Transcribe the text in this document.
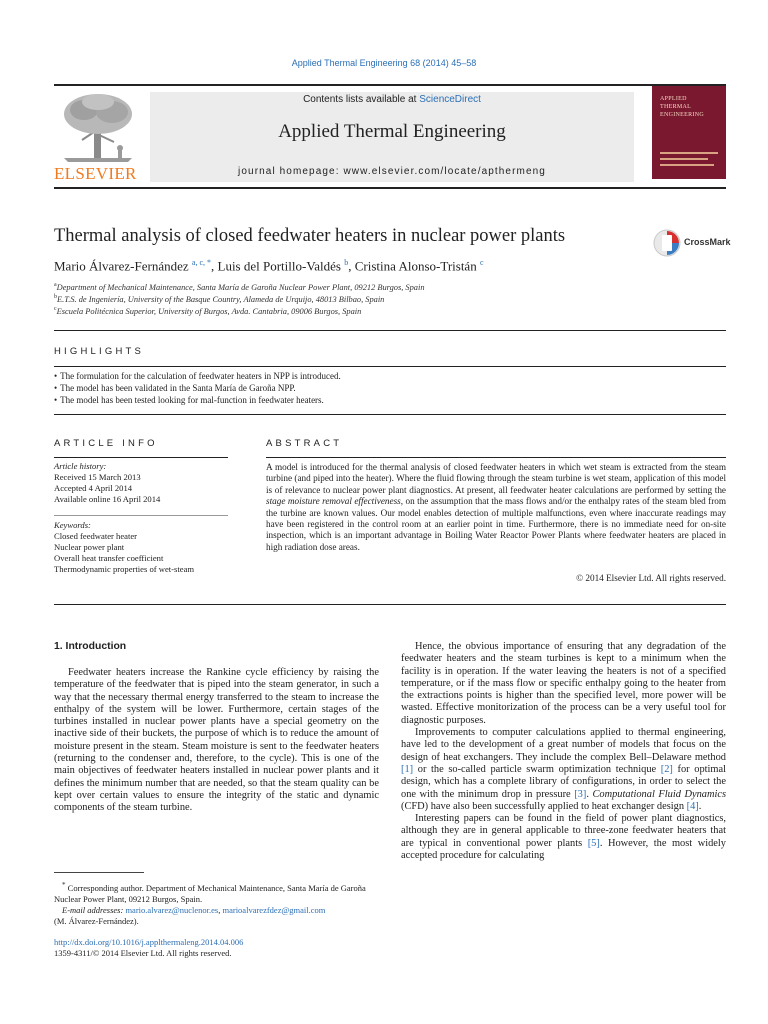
Applied Thermal Engineering 68 (2014) 45–58
ELSEVIER
Contents lists available at ScienceDirect
Applied Thermal Engineering
journal homepage: www.elsevier.com/locate/apthermeng
APPLIED
THERMAL
ENGINEERING
Thermal analysis of closed feedwater heaters in nuclear power plants	CrossMark
Mario Álvarez-Fernández $^{a, c, *}$, Luis del Portillo-Valdés $^b$, Cristina Alonso-Tristán $^c$
$^a$Department of Mechanical Maintenance, Santa María de Garoña Nuclear Power Plant, 09212 Burgos, Spain
$^b$E.T.S. de Ingeniería, University of the Basque Country, Alameda de Urquijo, 48013 Bilbao, Spain
$^c$Escuela Politécnica Superior, University of Burgos, Avda. Cantabria, 09006 Burgos, Spain
HIGHLIGHTS
• The formulation for the calculation of feedwater heaters in NPP is introduced.
• The model has been validated in the Santa María de Garoña NPP.
• The model has been tested looking for mal-function in feedwater heaters.
ARTICLE INFO
Article history:
Received 15 March 2013
Accepted 4 April 2014
Available online 16 April 2014
Keywords:
Closed feedwater heater
Nuclear power plant
Overall heat transfer coefficient
Thermodynamic properties of wet-steam
ABSTRACT
A model is introduced for the thermal analysis of closed feedwater heaters in which wet steam is extracted from the steam turbine (and piped into the heater). Where the fluid flowing through the steam turbine is wet steam, application of this model is of relevance to nuclear power plant diagnostics. At present, all feedwater heater calculations are performed by setting the stage moisture removal effectiveness, on the assumption that the mass flows and/or the enthalpy rates of the steam bled from the turbine are known values. Our model enables detection of multiple malfunctions, even where inaccurate readings may have been registered in the control room at an earlier point in time. Furthermore, there is no immediate need for on-site inspection, which is an important advantage in Boiling Water Reactor Power Plants where feedwater heaters are placed in high radiation dose areas.
© 2014 Elsevier Ltd. All rights reserved.
1. Introduction

Feedwater heaters increase the Rankine cycle efficiency by raising the temperature of the feedwater that is piped into the steam generator, in such a way that the necessary thermal energy transferred to the steam to increase the enthalpy of the system will be lower. Furthermore, certain stages of the turbines installed in nuclear power plants have a special geometry on the inactive side of their buckets, the purpose of which is to reduce the amount of moisture present in the steam. Steam moisture is sent to the feedwater heaters (returning to the condenser and, therefore, to the cycle). This is one of the main objectives of feedwater heaters installed in nuclear power plants and it defines the minimum number that are needed, so that the steam quality can be kept over certain values to ensure the integrity of the static and dynamic components of the steam turbine.

Hence, the obvious importance of ensuring that any degradation of the feedwater heaters and the steam turbines is kept to a minimum when the facility is in operation. If the water leaving the heaters is not of a specified temperature, or if the mass flow or specific enthalpy going to the heater from the extractions points is higher than the specified level, more power will be wasted. Effective monitorization of the process can be a very useful tool for diagnostic purposes.

Improvements to computer calculations applied to thermal engineering, have led to the development of a great number of models that focus on the design of heat exchangers. They include the complex Bell–Delaware method [1] or the so-called particle swarm optimization technique [2] for optimal design, which has a complete library of configurations, in order to select the one with the minimum drop in pressure [3]. Computational Fluid Dynamics (CFD) have also been successfully applied to heat exchanger design [4].

Interesting papers can be found in the field of power plant diagnostics, although they are in general applicable to three-zone feedwater heaters that are typical in conventional power plants [5]. However, the most widely accepted procedure for calculating

* Corresponding author. Department of Mechanical Maintenance, Santa María de Garoña Nuclear Power Plant, 09212 Burgos, Spain.

E-mail addresses: mario.alvarez@nuclenor.es, marioalvarezfdez@gmail.com

(M. Álvarez-Fernández).

http://dx.doi.org/10.1016/j.applthermaleng.2014.04.006
1359-4311/© 2014 Elsevier Ltd. All rights reserved.
